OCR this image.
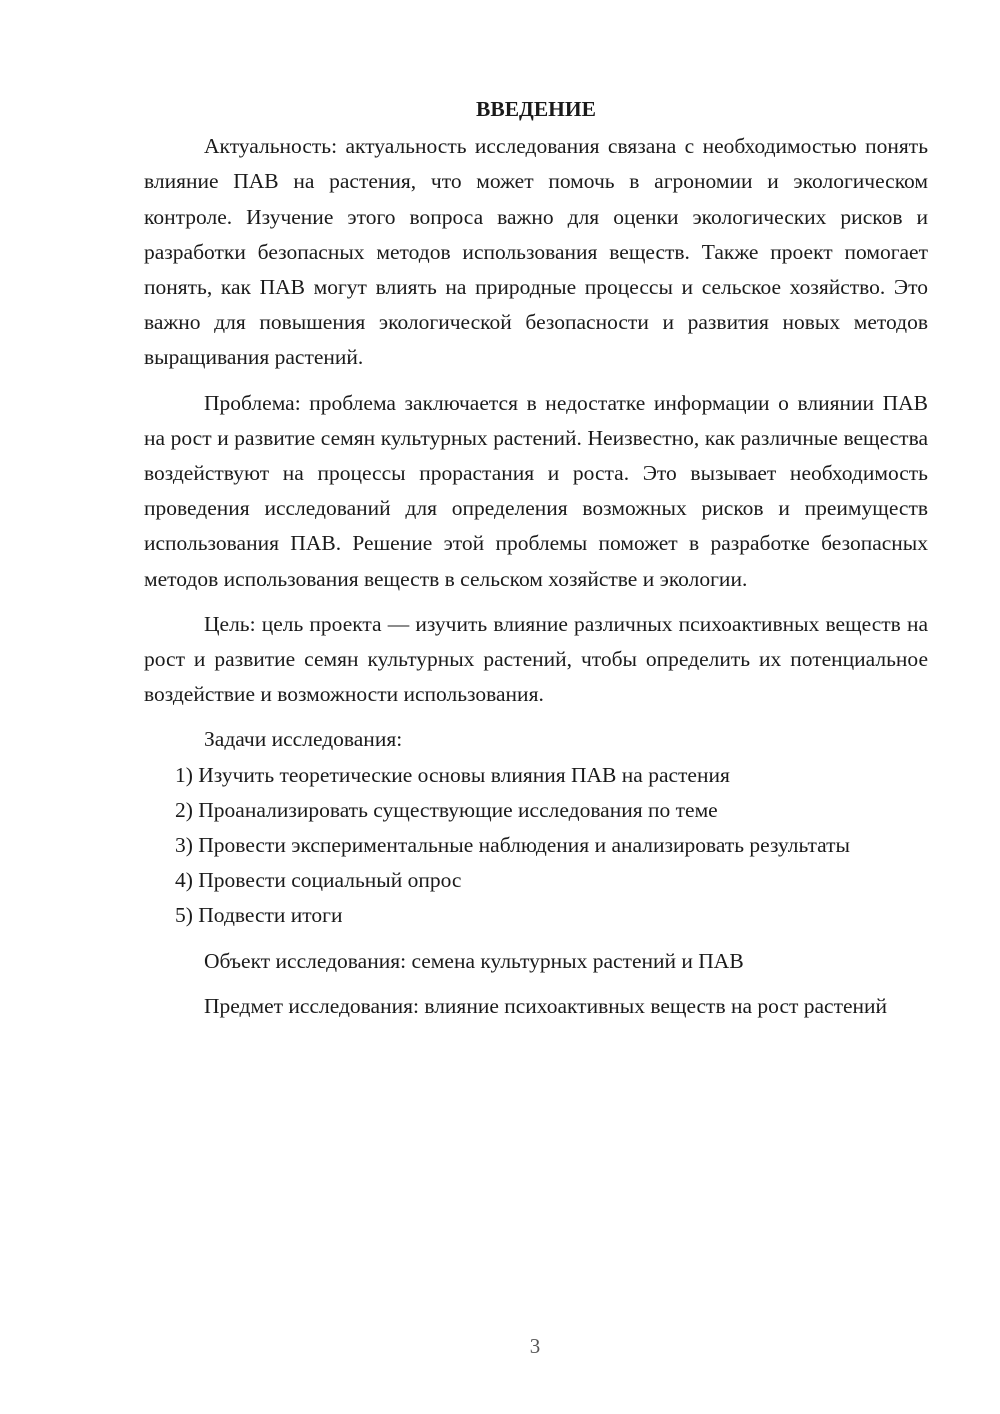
ВВЕДЕНИЕ

Актуальность: актуальность исследования связана с необходимостью понять влияние ПАВ на растения, что может помочь в агрономии и экологическом контроле. Изучение этого вопроса важно для оценки экологических рисков и разработки безопасных методов использования веществ. Также проект помогает понять, как ПАВ могут влиять на природные процессы и сельское хозяйство. Это важно для повышения экологической безопасности и развития новых методов выращивания растений.

Проблема: проблема заключается в недостатке информации о влиянии ПАВ на рост и развитие семян культурных растений. Неизвестно, как различные вещества воздействуют на процессы прорастания и роста. Это вызывает необходимость проведения исследований для определения возможных рисков и преимуществ использования ПАВ. Решение этой проблемы поможет в разработке безопасных методов использования веществ в сельском хозяйстве и экологии.

Цель: цель проекта — изучить влияние различных психоактивных веществ на рост и развитие семян культурных растений, чтобы определить их потенциальное воздействие и возможности использования.

Задачи исследования:

1) Изучить теоретические основы влияния ПАВ на растения

2) Проанализировать существующие исследования по теме

3) Провести экспериментальные наблюдения и анализировать результаты

4) Провести социальный опрос

5) Подвести итоги

Объект исследования: семена культурных растений и ПАВ

Предмет исследования: влияние психоактивных веществ на рост растений

3
